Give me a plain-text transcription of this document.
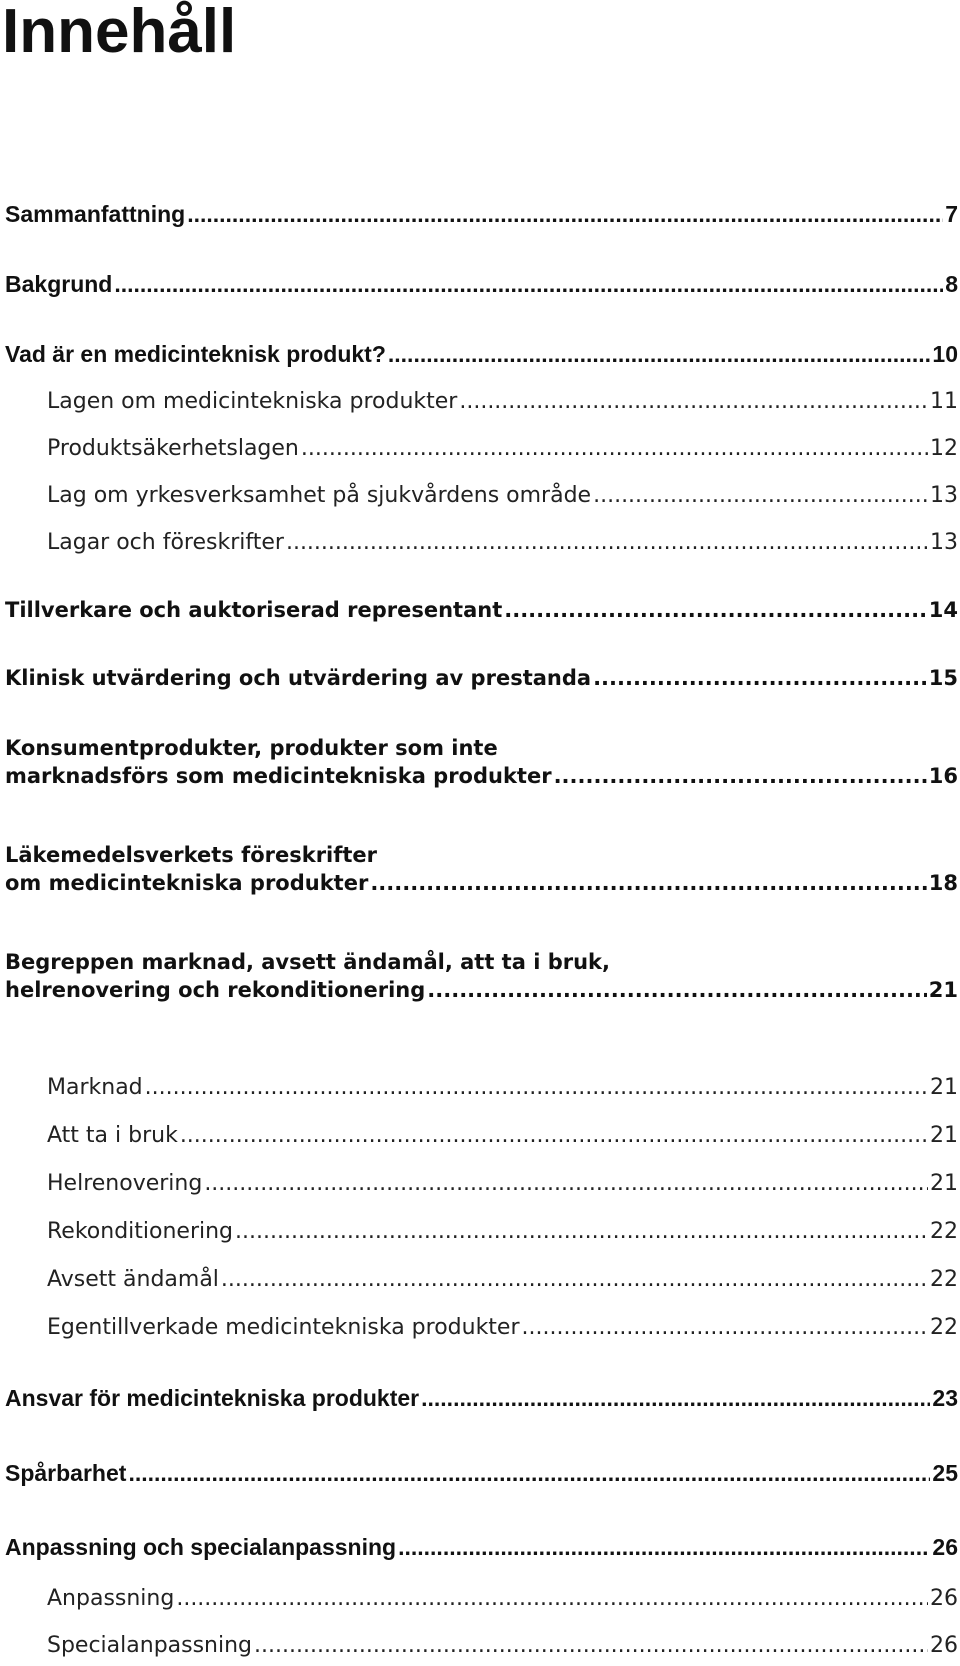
Innehåll
Sammanfattning .....	7
Bakgrund .....	8
Vad är en medicinteknisk produkt? .....	10
Lagen om medicintekniska produkter .....	11
Produktsäkerhetslagen .....	12
Lag om yrkesverksamhet på sjukvårdens område .....	13
Lagar och föreskrifter .....	13
Tillverkare och auktoriserad representant .....	14
Klinisk utvärdering och utvärdering av prestanda .....	15
Konsumentprodukter, produkter som inte
marknadsförs som medicintekniska produkter .....	16
Läkemedelsverkets föreskrifter
om medicintekniska produkter .....	18
Begreppen marknad, avsett ändamål, att ta i bruk,
helrenovering och rekonditionering .....	21
Marknad .....	21
Att ta i bruk .....	21
Helrenovering .....	21
Rekonditionering .....	22
Avsett ändamål .....	22
Egentillverkade medicintekniska produkter .....	22
Ansvar för medicintekniska produkter .....	23
Spårbarhet .....	25
Anpassning och specialanpassning .....	26
Anpassning .....	26
Specialanpassning .....	26
